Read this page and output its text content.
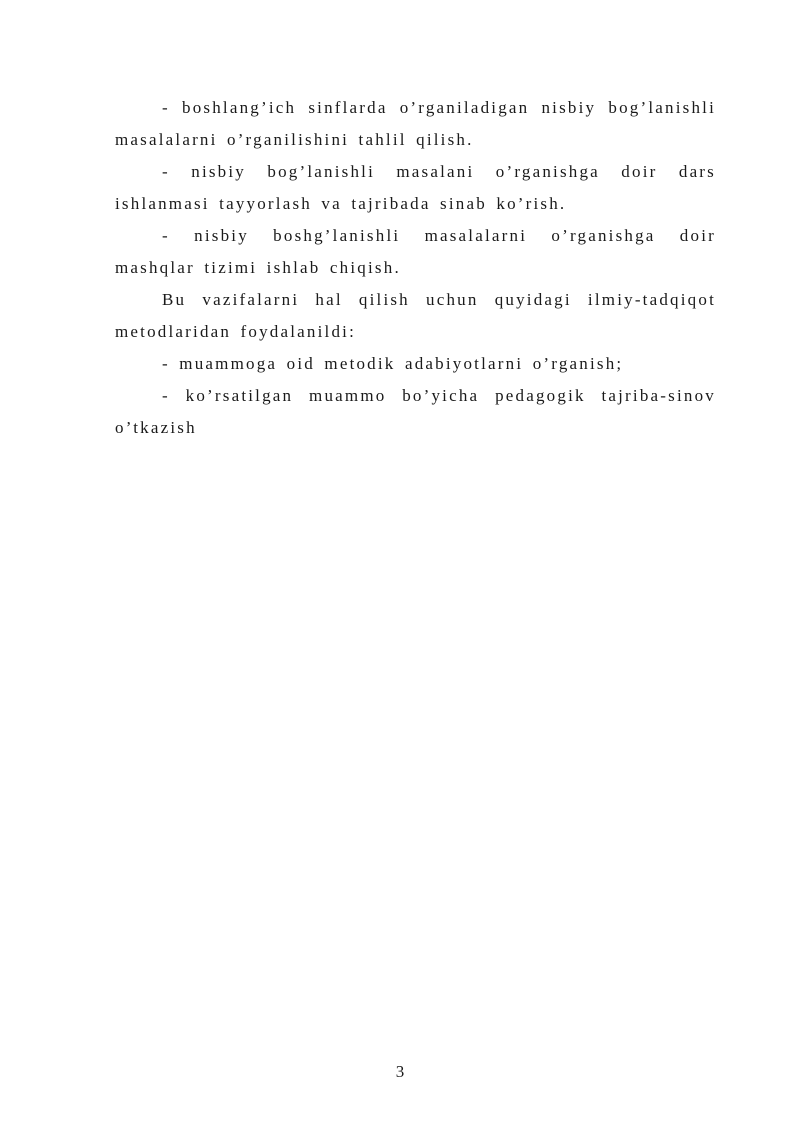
- boshlang’ich sinflarda o’rganiladigan nisbiy bog’lanishli masalalarni o’rganilishini tahlil qilish.

- nisbiy bog’lanishli masalani o’rganishga doir dars ishlanmasi tayyorlash va tajribada sinab ko’rish.

- nisbiy boshg’lanishli masalalarni o’rganishga doir mashqlar tizimi ishlab chiqish.

Bu vazifalarni hal qilish uchun quyidagi ilmiy-tadqiqot metodlaridan foydalanildi:

- muammoga oid metodik adabiyotlarni o’rganish;

- ko’rsatilgan muammo bo’yicha pedagogik tajriba-sinov o’tkazish

3
